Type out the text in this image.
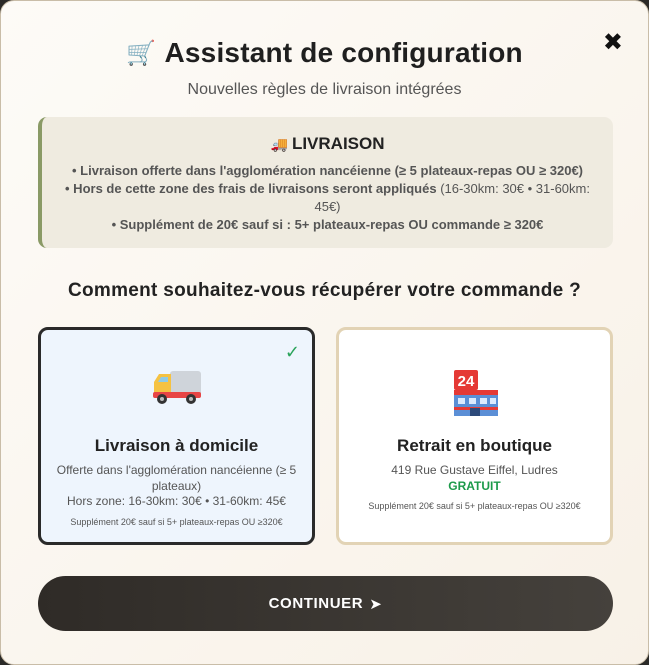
✖
🛒 Assistant de configuration
Nouvelles règles de livraison intégrées
🚚 LIVRAISON
• Livraison offerte dans l'agglomération nancéienne (≥ 5 plateaux-repas OU ≥ 320€)
• Hors de cette zone des frais de livraisons seront appliqués (16-30km: 30€ • 31-60km: 45€)
• Supplément de 20€ sauf si : 5+ plateaux-repas OU commande ≥ 320€
Comment souhaitez-vous récupérer votre commande ?
✓
Livraison à domicile
Offerte dans l'agglomération nancéienne (≥ 5 plateaux)
Hors zone: 16-30km: 30€ • 31-60km: 45€
Supplément 20€ sauf si 5+ plateaux-repas OU ≥320€
24
Retrait en boutique
419 Rue Gustave Eiffel, Ludres
GRATUIT
Supplément 20€ sauf si 5+ plateaux-repas OU ≥320€
CONTINUER ➤
